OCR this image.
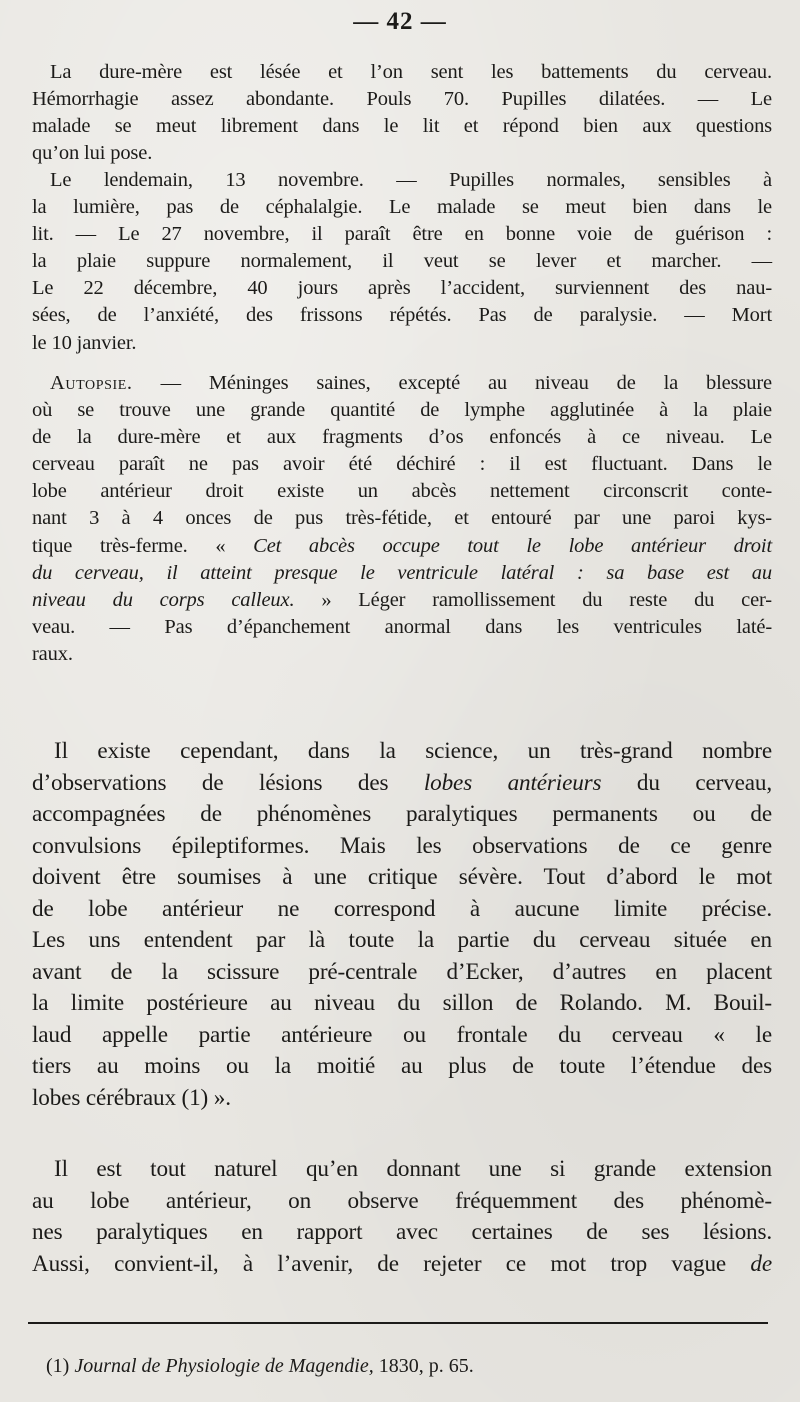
— 42 —
La dure-mère est lésée et l’on sent les battements du cerveau.
Hémorrhagie assez abondante. Pouls 70. Pupilles dilatées. — Le
malade se meut librement dans le lit et répond bien aux questions
qu’on lui pose.
Le lendemain, 13 novembre. — Pupilles normales, sensibles à
la lumière, pas de céphalalgie. Le malade se meut bien dans le
lit. — Le 27 novembre, il paraît être en bonne voie de guérison :
la plaie suppure normalement, il veut se lever et marcher. —
Le 22 décembre, 40 jours après l’accident, surviennent des nau-
sées, de l’anxiété, des frissons répétés. Pas de paralysie. — Mort
le 10 janvier.
Autopsie. — Méninges saines, excepté au niveau de la blessure
où se trouve une grande quantité de lymphe agglutinée à la plaie
de la dure-mère et aux fragments d’os enfoncés à ce niveau. Le
cerveau paraît ne pas avoir été déchiré : il est fluctuant. Dans le
lobe antérieur droit existe un abcès nettement circonscrit conte-
nant 3 à 4 onces de pus très-fétide, et entouré par une paroi kys-
tique très-ferme. « Cet abcès occupe tout le lobe antérieur droit
du cerveau, il atteint presque le ventricule latéral : sa base est au
niveau du corps calleux. » Léger ramollissement du reste du cer-
veau. — Pas d’épanchement anormal dans les ventricules laté-
raux.
Il existe cependant, dans la science, un très-grand nombre
d’observations de lésions des lobes antérieurs du cerveau,
accompagnées de phénomènes paralytiques permanents ou de
convulsions épileptiformes. Mais les observations de ce genre
doivent être soumises à une critique sévère. Tout d’abord le mot
de lobe antérieur ne correspond à aucune limite précise.
Les uns entendent par là toute la partie du cerveau située en
avant de la scissure pré-centrale d’Ecker, d’autres en placent
la limite postérieure au niveau du sillon de Rolando. M. Bouil-
laud appelle partie antérieure ou frontale du cerveau « le
tiers au moins ou la moitié au plus de toute l’étendue des
lobes cérébraux (1) ».
Il est tout naturel qu’en donnant une si grande extension
au lobe antérieur, on observe fréquemment des phénomè-
nes paralytiques en rapport avec certaines de ses lésions.
Aussi, convient-il, à l’avenir, de rejeter ce mot trop vague de
(1) Journal de Physiologie de Magendie, 1830, p. 65.
